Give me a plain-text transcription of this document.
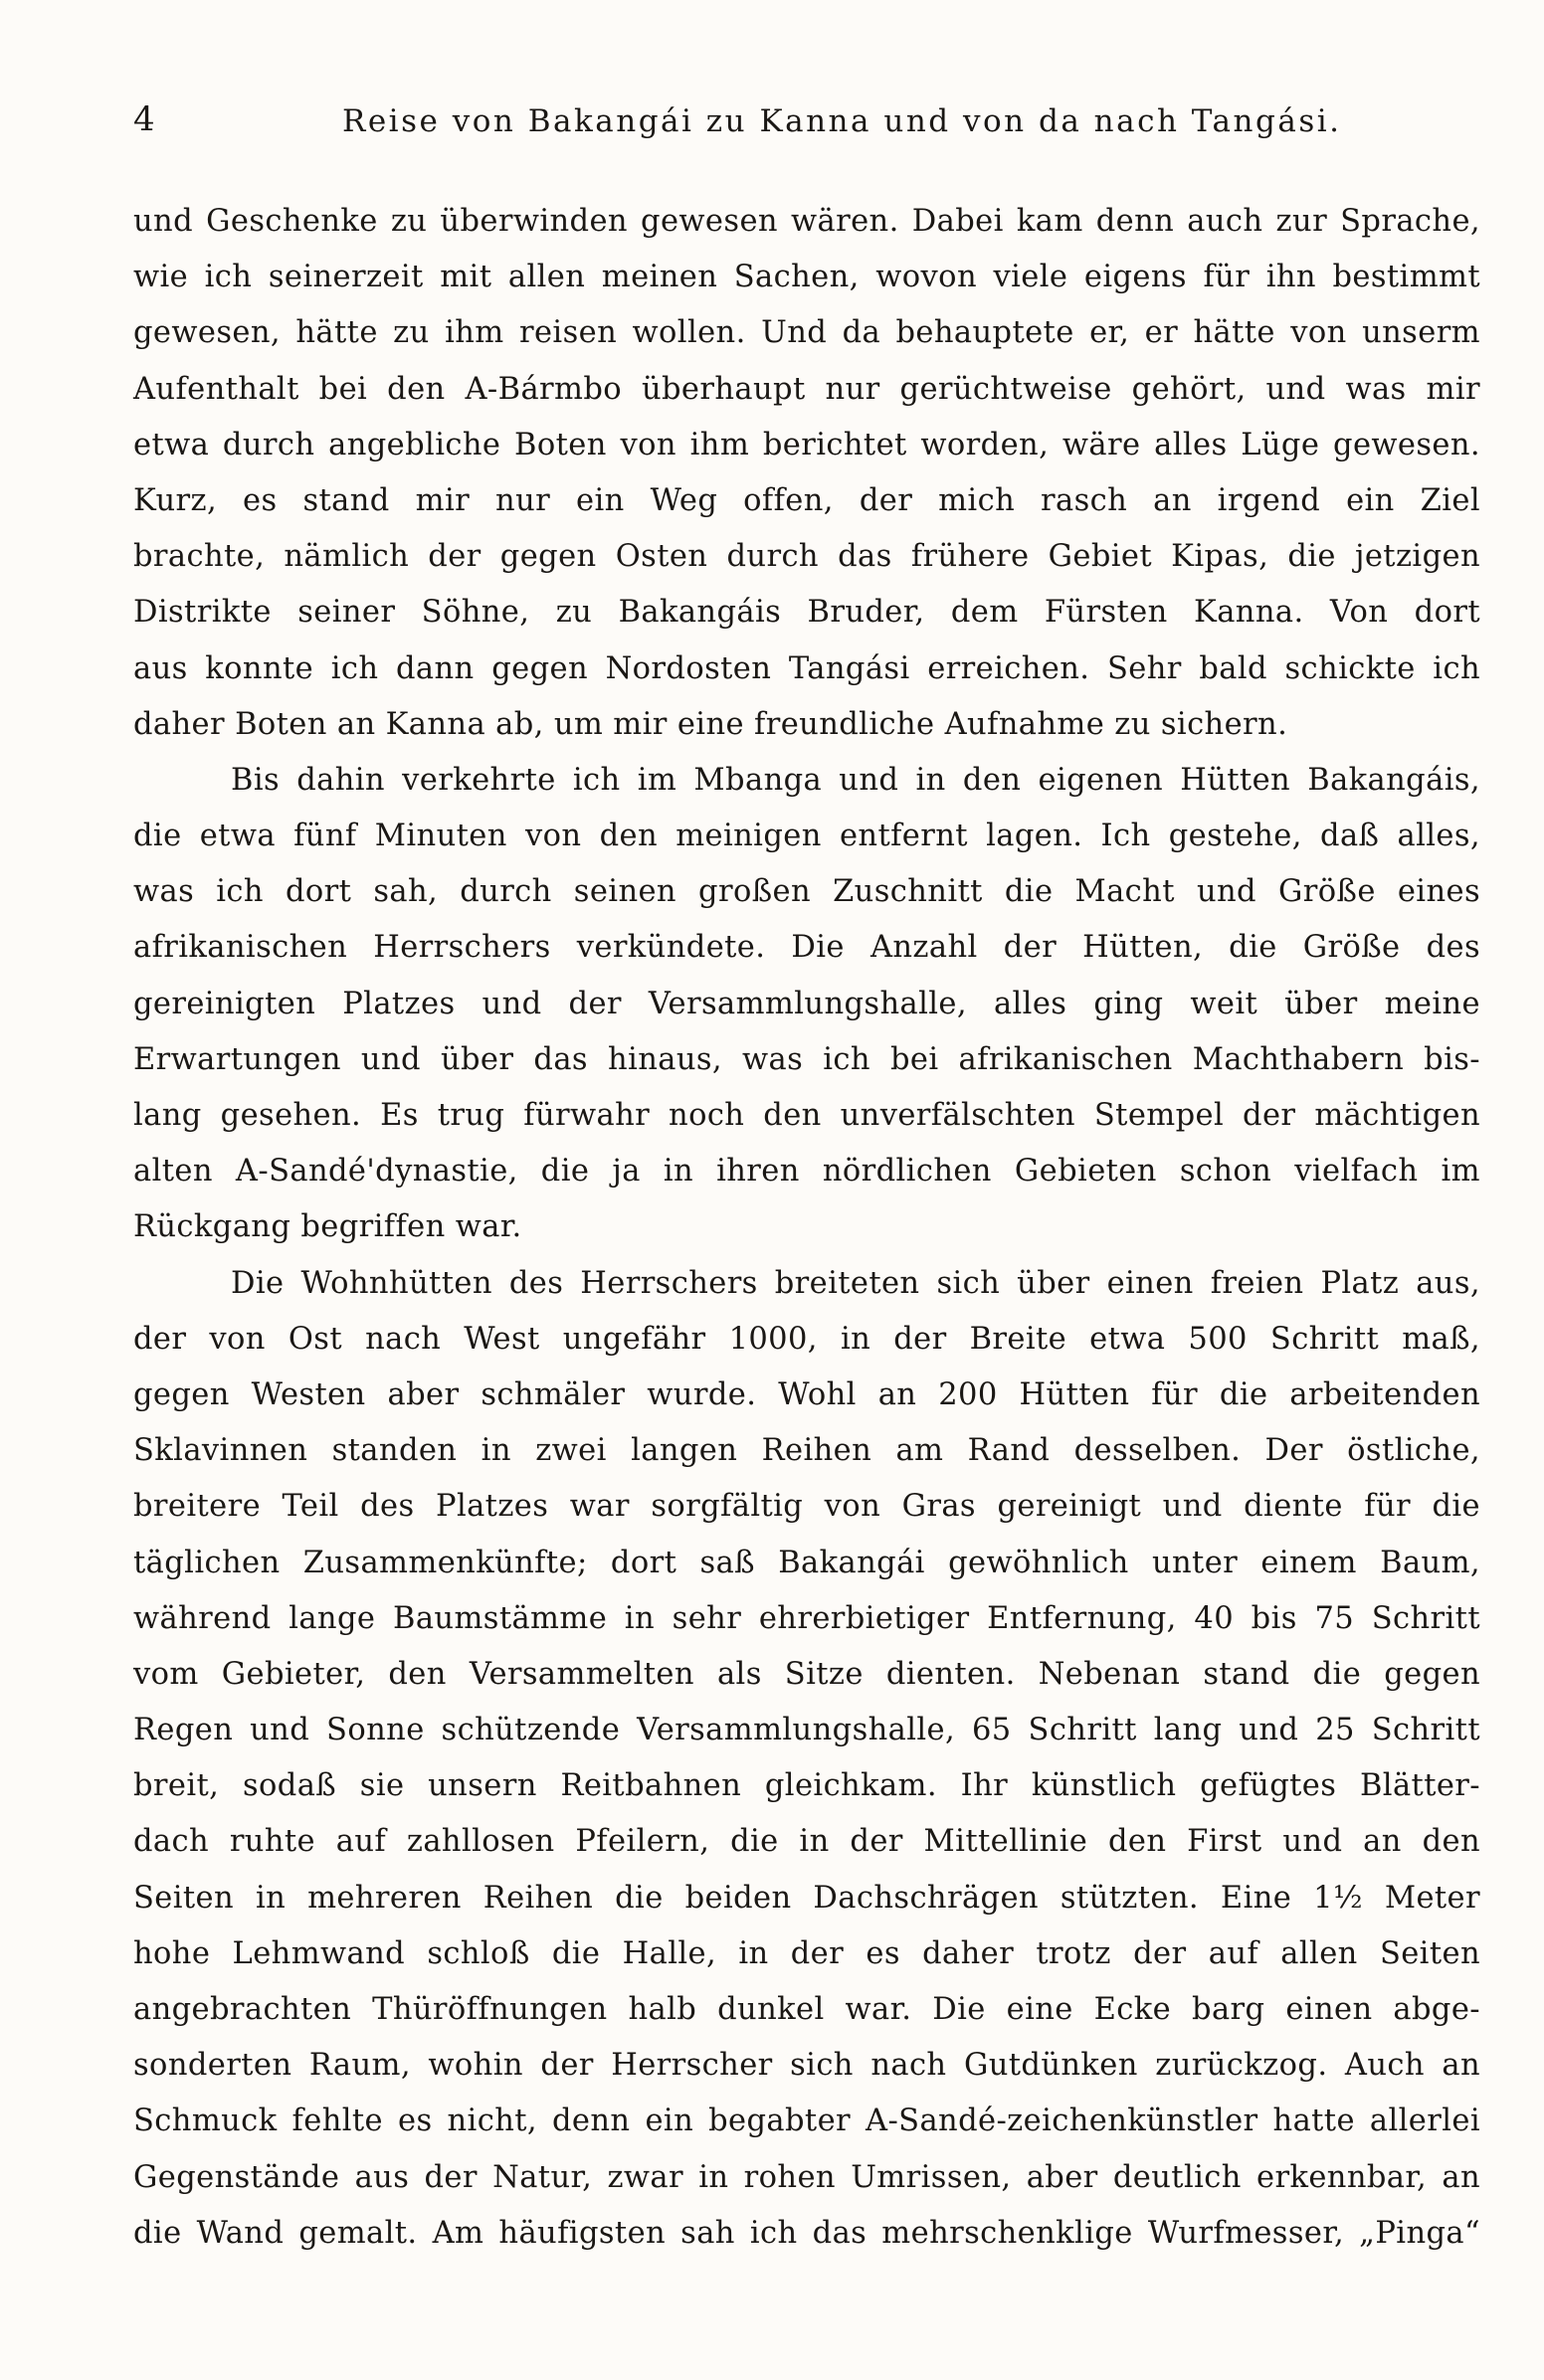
4	Reise von Bakangái zu Kanna und von da nach Tangási.
und Geschenke zu überwinden gewesen wären. Dabei kam denn auch zur Sprache,
wie ich seinerzeit mit allen meinen Sachen, wovon viele eigens für ihn bestimmt
gewesen, hätte zu ihm reisen wollen. Und da behauptete er, er hätte von unserm
Aufenthalt bei den A-Bármbo überhaupt nur gerüchtweise gehört, und was mir
etwa durch angebliche Boten von ihm berichtet worden, wäre alles Lüge gewesen.
Kurz, es stand mir nur ein Weg offen, der mich rasch an irgend ein Ziel
brachte, nämlich der gegen Osten durch das frühere Gebiet Kipas, die jetzigen
Distrikte seiner Söhne, zu Bakangáis Bruder, dem Fürsten Kanna. Von dort
aus konnte ich dann gegen Nordosten Tangási erreichen. Sehr bald schickte ich
daher Boten an Kanna ab, um mir eine freundliche Aufnahme zu sichern.
Bis dahin verkehrte ich im Mbanga und in den eigenen Hütten Bakangáis,
die etwa fünf Minuten von den meinigen entfernt lagen. Ich gestehe, daß alles,
was ich dort sah, durch seinen großen Zuschnitt die Macht und Größe eines
afrikanischen Herrschers verkündete. Die Anzahl der Hütten, die Größe des
gereinigten Platzes und der Versammlungshalle, alles ging weit über meine
Erwartungen und über das hinaus, was ich bei afrikanischen Machthabern bis-
lang gesehen. Es trug fürwahr noch den unverfälschten Stempel der mächtigen
alten A-Sandé'dynastie, die ja in ihren nördlichen Gebieten schon vielfach im
Rückgang begriffen war.
Die Wohnhütten des Herrschers breiteten sich über einen freien Platz aus,
der von Ost nach West ungefähr 1000, in der Breite etwa 500 Schritt maß,
gegen Westen aber schmäler wurde. Wohl an 200 Hütten für die arbeitenden
Sklavinnen standen in zwei langen Reihen am Rand desselben. Der östliche,
breitere Teil des Platzes war sorgfältig von Gras gereinigt und diente für die
täglichen Zusammenkünfte; dort saß Bakangái gewöhnlich unter einem Baum,
während lange Baumstämme in sehr ehrerbietiger Entfernung, 40 bis 75 Schritt
vom Gebieter, den Versammelten als Sitze dienten. Nebenan stand die gegen
Regen und Sonne schützende Versammlungshalle, 65 Schritt lang und 25 Schritt
breit, sodaß sie unsern Reitbahnen gleichkam. Ihr künstlich gefügtes Blätter-
dach ruhte auf zahllosen Pfeilern, die in der Mittellinie den First und an den
Seiten in mehreren Reihen die beiden Dachschrägen stützten. Eine 1½ Meter
hohe Lehmwand schloß die Halle, in der es daher trotz der auf allen Seiten
angebrachten Thüröffnungen halb dunkel war. Die eine Ecke barg einen abge-
sonderten Raum, wohin der Herrscher sich nach Gutdünken zurückzog. Auch an
Schmuck fehlte es nicht, denn ein begabter A-Sandé-zeichenkünstler hatte allerlei
Gegenstände aus der Natur, zwar in rohen Umrissen, aber deutlich erkennbar, an
die Wand gemalt. Am häufigsten sah ich das mehrschenklige Wurfmesser, „Pinga“
